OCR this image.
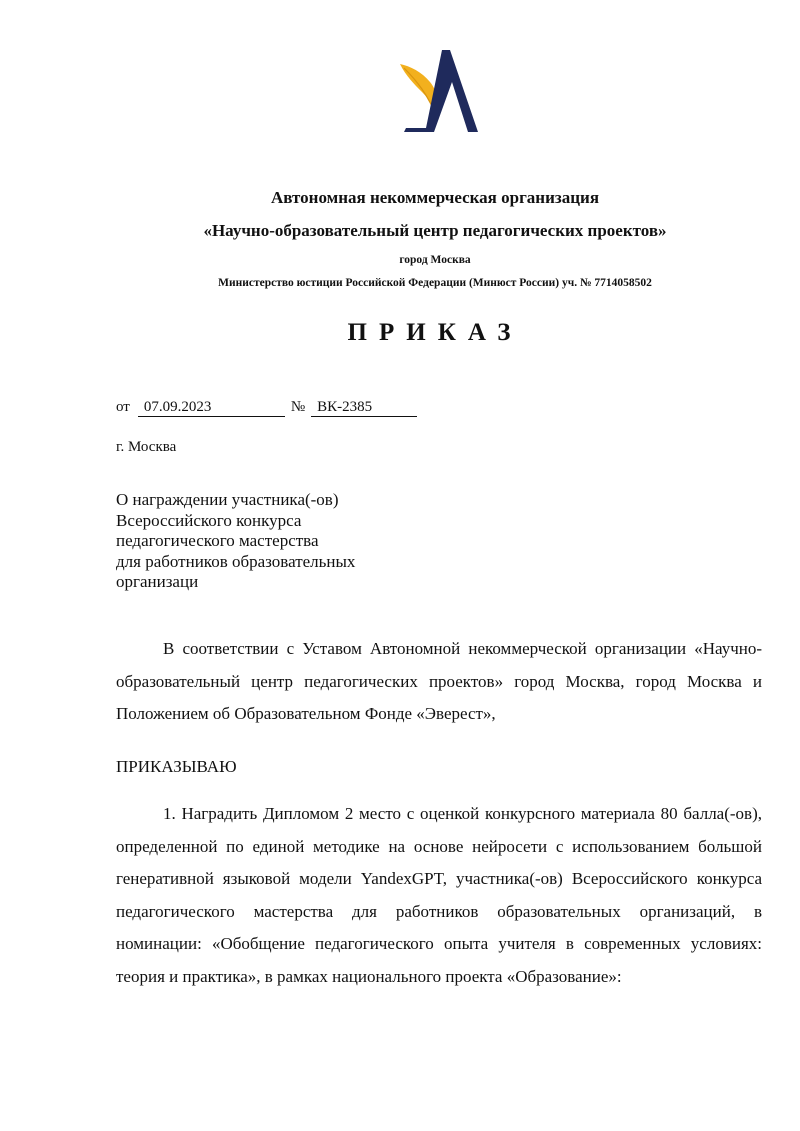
Автономная некоммерческая организация
«Научно-образовательный центр педагогических проектов»
город Москва
Министерство юстиции Российской Федерации (Минюст России) уч. № 7714058502
ПРИКАЗ
от 07.09.2023	№ ВК-2385
г. Москва
О награждении участника(-ов)
Всероссийского конкурса
педагогического мастерства
для работников образовательных
организаци
В соответствии с Уставом Автономной некоммерческой организации «Научно-образовательный центр педагогических проектов» город Москва, город Москва и Положением об Образовательном Фонде «Эверест»,
ПРИКАЗЫВАЮ
1. Наградить Дипломом 2 место с оценкой конкурсного материала 80 балла(-ов), определенной по единой методике на основе нейросети с использованием большой генеративной языковой модели YandexGPT, участника(-ов) Всероссийского конкурса педагогического мастерства для работников образовательных организаций, в номинации: «Обобщение педагогического опыта учителя в современных условиях: теория и практика», в рамках национального проекта «Образование»:
